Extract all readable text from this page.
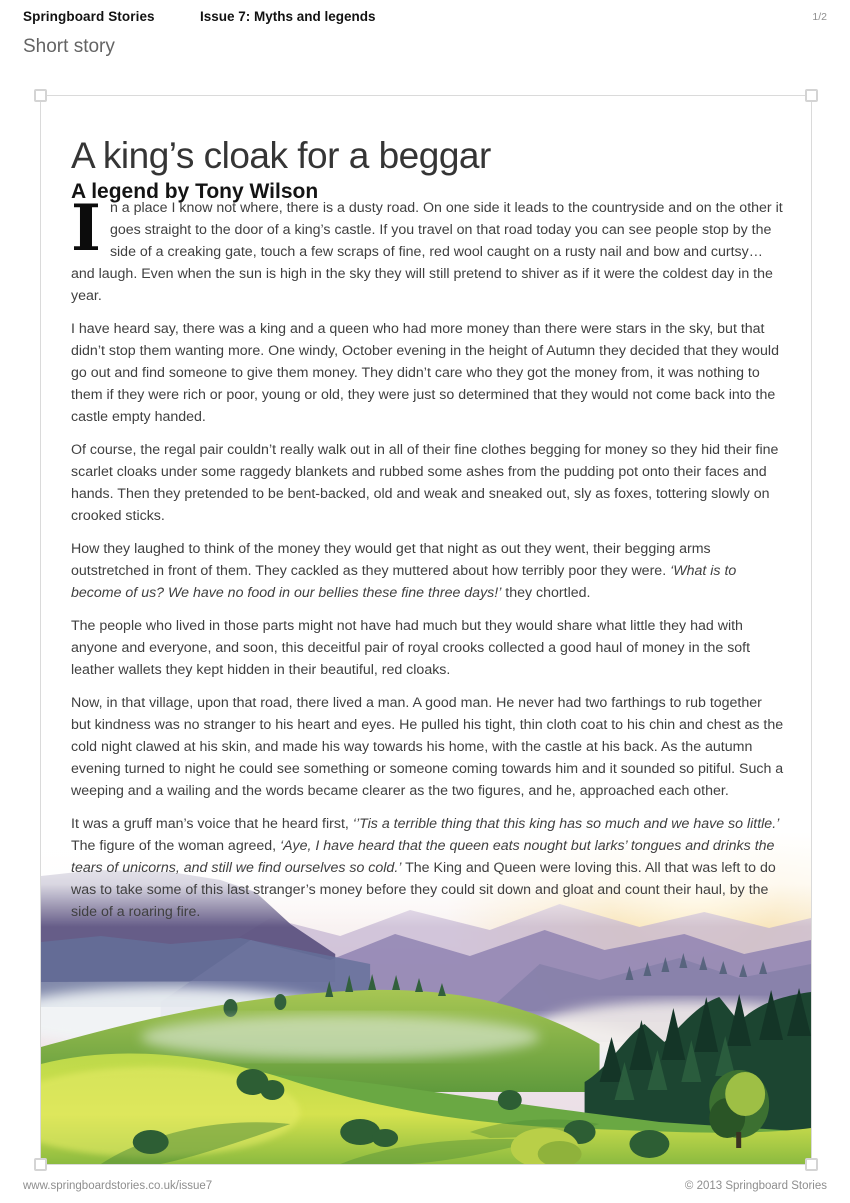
Springboard Stories	Issue 7: Myths and legends	1/2
Short story
A king’s cloak for a beggar
A legend by Tony Wilson

In a place I know not where, there is a dusty road. On one side it leads to the countryside and on the other it goes straight to the door of a king’s castle. If you travel on that road today you can see people stop by the side of a creaking gate, touch a few scraps of fine, red wool caught on a rusty nail and bow and curtsy… and laugh. Even when the sun is high in the sky they will still pretend to shiver as if it were the coldest day in the year.

I have heard say, there was a king and a queen who had more money than there were stars in the sky, but that didn’t stop them wanting more. One windy, October evening in the height of Autumn they decided that they would go out and find someone to give them money. They didn’t care who they got the money from, it was nothing to them if they were rich or poor, young or old, they were just so determined that they would not come back into the castle empty handed.

Of course, the regal pair couldn’t really walk out in all of their fine clothes begging for money so they hid their fine scarlet cloaks under some raggedy blankets and rubbed some ashes from the pudding pot onto their faces and hands. Then they pretended to be bent-backed, old and weak and sneaked out, sly as foxes, tottering slowly on crooked sticks.

How they laughed to think of the money they would get that night as out they went, their begging arms outstretched in front of them. They cackled as they muttered about how terribly poor they were. ‘What is to become of us? We have no food in our bellies these fine three days!’ they chortled.

The people who lived in those parts might not have had much but they would share what little they had with anyone and everyone, and soon, this deceitful pair of royal crooks collected a good haul of money in the soft leather wallets they kept hidden in their beautiful, red cloaks.

Now, in that village, upon that road, there lived a man. A good man. He never had two farthings to rub together but kindness was no stranger to his heart and eyes. He pulled his tight, thin cloth coat to his chin and chest as the cold night clawed at his skin, and made his way towards his home, with the castle at his back. As the autumn evening turned to night he could see something or someone coming towards him and it sounded so pitiful. Such a weeping and a wailing and the words became clearer as the two figures, and he, approached each other.

It was a gruff man’s voice that he heard first, ‘’Tis a terrible thing that this king has so much and we have so little.’ The figure of the woman agreed, ‘Aye, I have heard that the queen eats nought but larks’ tongues and drinks the tears of unicorns, and still we find ourselves so cold.’ The King and Queen were loving this. All that was left to do was to take some of this last stranger’s money before they could sit down and gloat and count their haul, by the side of a roaring fire.

www.springboardstories.co.uk/issue7	© 2013 Springboard Stories
